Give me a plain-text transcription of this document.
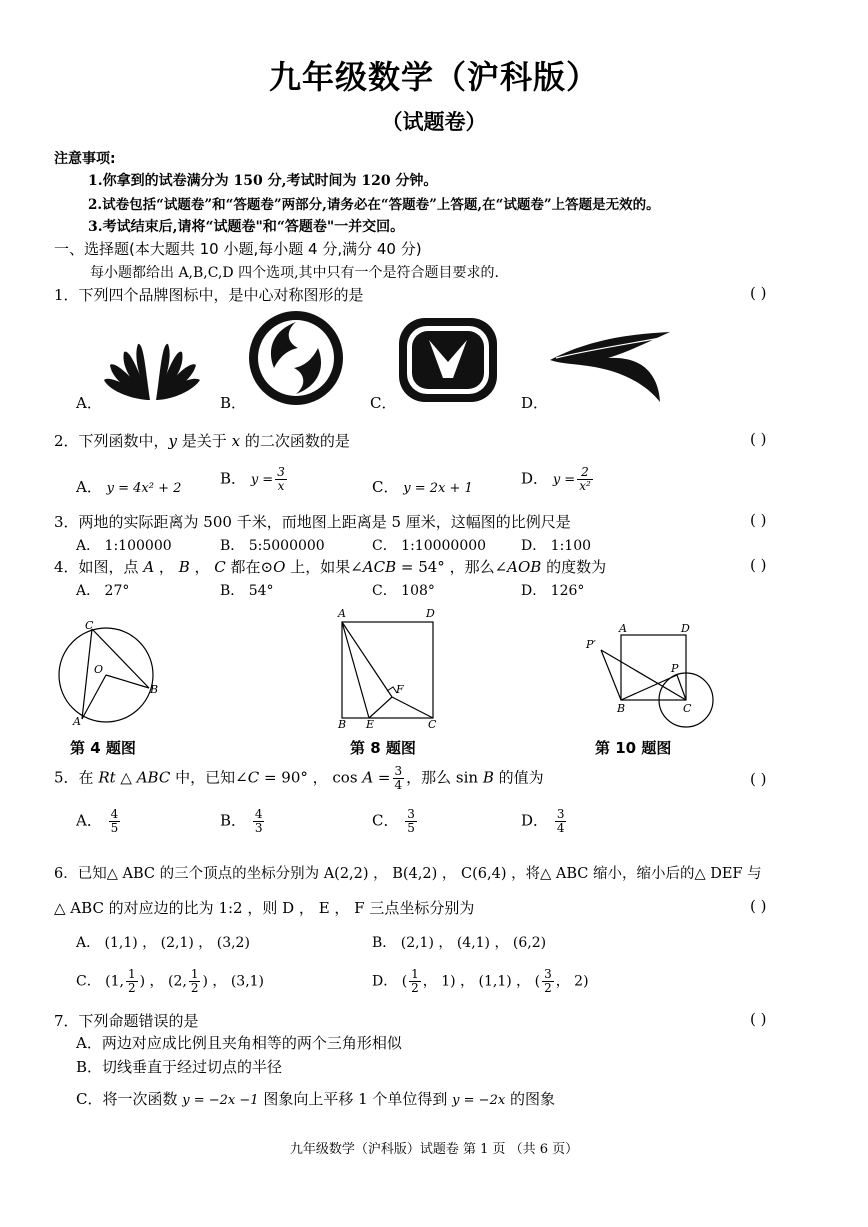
九年级数学（沪科版）
（试题卷）
注意事项:
1.你拿到的试卷满分为 150 分,考试时间为 120 分钟。
2.试卷包括“试题卷”和“答题卷”两部分,请务必在“答题卷”上答题,在“试题卷”上答题是无效的。
3.考试结束后,请将“试题卷"和“答题卷"一并交回。
一、选择题(本大题共 10 小题,每小题 4 分,满分 40 分)
每小题都给出 A,B,C,D 四个选项,其中只有一个是符合题目要求的.
1．下列四个品牌图标中，是中心对称图形的是	( )
A．	B．	C．	D．
2．下列函数中，y 是关于 x 的二次函数的是	( )
A． y = 4x² + 2
B． $y = \frac{3}{x}$	C． y = 2x + 1
D． $y = \frac{2}{\text{x²}}$
3．两地的实际距离为 500 千米，而地图上距离是 5 厘米，这幅图的比例尺是	( )
A． 1:100000	B． 5:5000000	C． 1:10000000 D． 1:100
4．如图，点 A ， B ， C 都在⊙O 上，如果∠ACB = 54° ，那么∠AOB 的度数为	( )
A． 27°	B． 54°	C． 108°	D． 126°
C
O
B
A
第 4 题图
A	D
F
B E	C
第 8 题图
P′
A	D
P
B	C
第 10 题图
5．在 Rt △ ABC 中，已知∠C = 90° ， $\cos A = \frac{3}{4}$ ，那么 sin B 的值为	( )
A． $\frac{4}{5}$	B． $\frac{4}{3}$	C． $\frac{3}{5}$	D． $\frac{3}{4}$
6．已知△ ABC 的三个顶点的坐标分别为 A(2,2) ， B(4,2) ， C(6,4) ，将△ ABC 缩小，缩小后的△ DEF 与
△ ABC 的对应边的比为 1:2 ，则 D ， E ， F 三点坐标分别为	( )
A． (1,1) ， (2,1) ， (3,2)	B． (2,1) ， (4,1) ， (6,2)
C． (1, $\frac{1}{2}$ ) ， (2, $\frac{1}{2}$ ) ， (3,1)	D． ( $\frac{1}{2}$ ， 1) ， (1,1) ， ( $\frac{3}{2}$ ， 2)
7．下列命题错误的是	( )
A．两边对应成比例且夹角相等的两个三角形相似
B．切线垂直于经过切点的半径
C．将一次函数 y = −2x −1 图象向上平移 1 个单位得到 y = −2x 的图象
九年级数学（沪科版）试题卷 第 1 页 （共 6 页）
